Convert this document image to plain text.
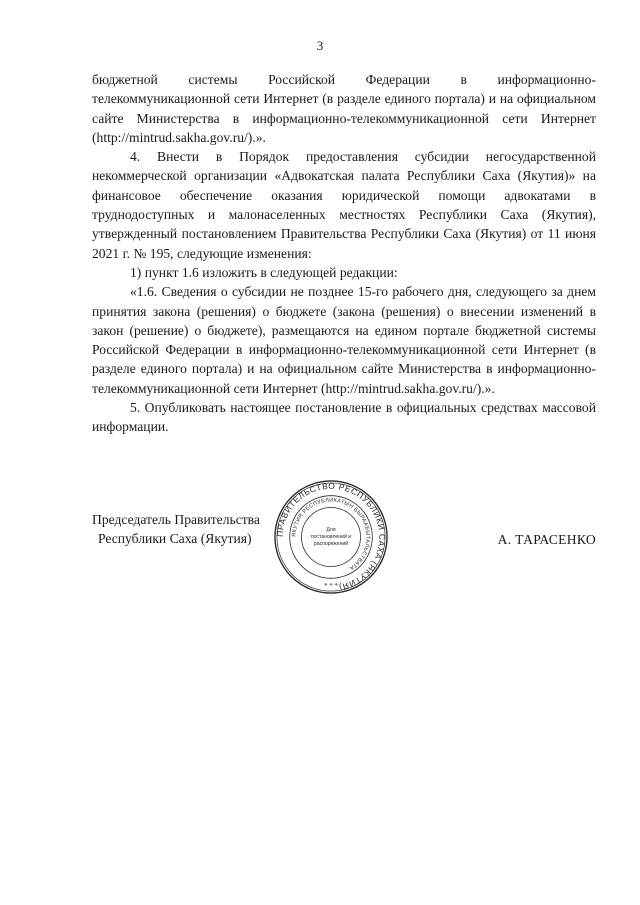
3

бюджетной системы Российской Федерации в информационно-телекоммуникационной сети Интернет (в разделе единого портала) и на официальном сайте Министерства в информационно-телекоммуникационной сети Интернет (http://mintrud.sakha.gov.ru/).».

4. Внести в Порядок предоставления субсидии негосударственной некоммерческой организации «Адвокатская палата Республики Саха (Якутия)» на финансовое обеспечение оказания юридической помощи адвокатами в труднодоступных и малонаселенных местностях Республики Саха (Якутия), утвержденный постановлением Правительства Республики Саха (Якутия) от 11 июня 2021 г. № 195, следующие изменения:

1) пункт 1.6 изложить в следующей редакции:

«1.6. Сведения о субсидии не позднее 15-го рабочего дня, следующего за днем принятия закона (решения) о бюджете (закона (решения) о внесении изменений в закон (решение) о бюджете), размещаются на едином портале бюджетной системы Российской Федерации в информационно-телекоммуникационной сети Интернет (в разделе единого портала) и на официальном сайте Министерства в информационно-телекоммуникационной сети Интернет (http://mintrud.sakha.gov.ru/).».

5. Опубликовать настоящее постановление в официальных средствах массовой информации.

Председатель Правительства
Республики Саха (Якутия)	ПРАВИТЕЛЬСТВО РЕСПУБЛИКИ САХА (ЯКУТИЯ)
ЯКУТИЯ РЕСПУБЛИКАТЫН БЫРААБЫТАЛЬСТВАТА
Для
постановлений и
распоряжений
* * *
А. ТАРАСЕНКО
